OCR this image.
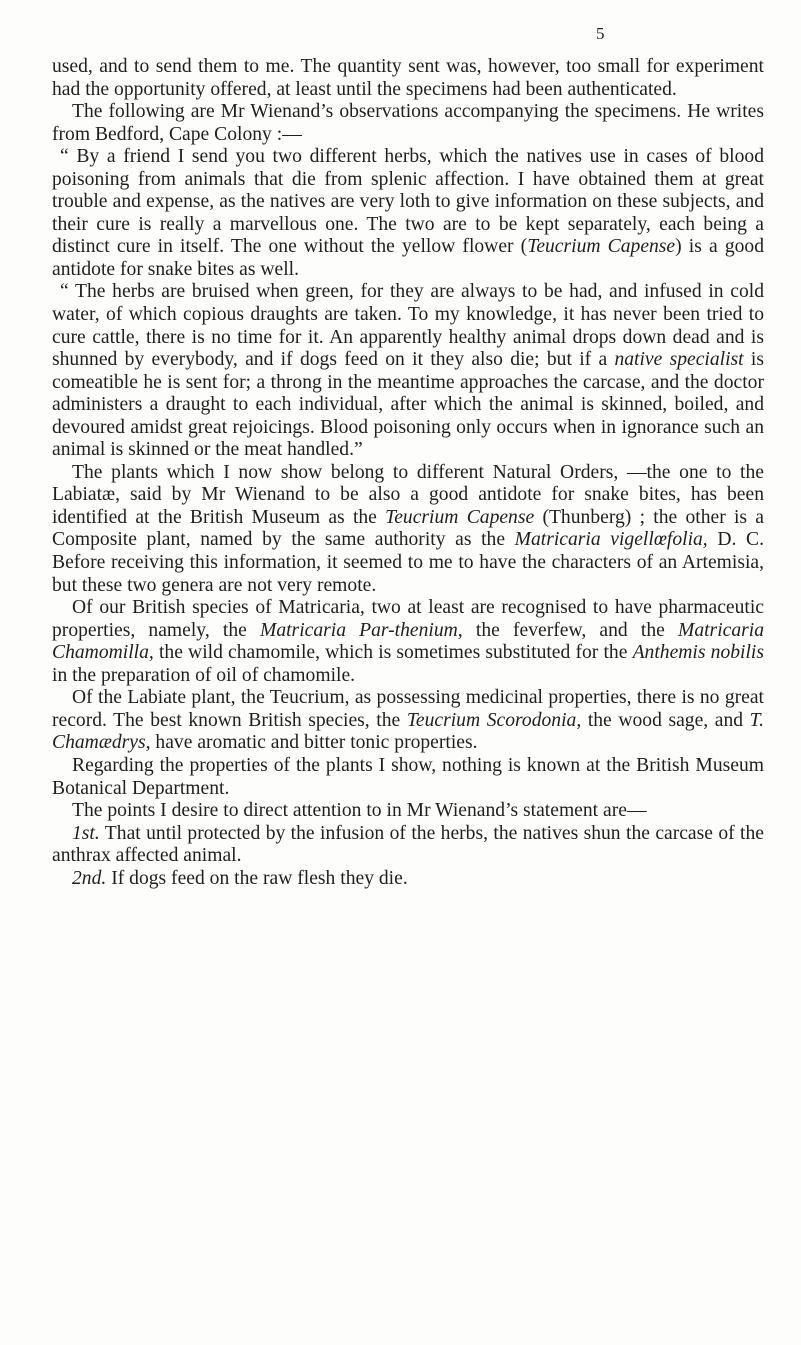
5

used, and to send them to me. The quantity sent was, however, too small for experiment had the opportunity offered, at least until the specimens had been authenticated.

The following are Mr Wienand’s observations accompanying the specimens. He writes from Bedford, Cape Colony :—

“ By a friend I send you two different herbs, which the natives use in cases of blood poisoning from animals that die from splenic affection. I have obtained them at great trouble and expense, as the natives are very loth to give information on these subjects, and their cure is really a marvellous one. The two are to be kept separately, each being a distinct cure in itself. The one without the yellow flower (Teucrium Capense) is a good antidote for snake bites as well.

“ The herbs are bruised when green, for they are always to be had, and infused in cold water, of which copious draughts are taken. To my knowledge, it has never been tried to cure cattle, there is no time for it. An apparently healthy animal drops down dead and is shunned by everybody, and if dogs feed on it they also die; but if a native specialist is comeatible he is sent for; a throng in the meantime approaches the carcase, and the doctor administers a draught to each individual, after which the animal is skinned, boiled, and devoured amidst great rejoicings. Blood poisoning only occurs when in ignorance such an animal is skinned or the meat handled.”

The plants which I now show belong to different Natural Orders, —the one to the Labiatæ, said by Mr Wienand to be also a good antidote for snake bites, has been identified at the British Museum as the Teucrium Capense (Thunberg) ; the other is a Composite plant, named by the same authority as the Matricaria vigellœfolia, D. C. Before receiving this information, it seemed to me to have the characters of an Artemisia, but these two genera are not very remote.

Of our British species of Matricaria, two at least are recognised to have pharmaceutic properties, namely, the Matricaria Par-thenium, the feverfew, and the Matricaria Chamomilla, the wild chamomile, which is sometimes substituted for the Anthemis nobilis in the preparation of oil of chamomile.

Of the Labiate plant, the Teucrium, as possessing medicinal properties, there is no great record. The best known British species, the Teucrium Scorodonia, the wood sage, and T. Chamædrys, have aromatic and bitter tonic properties.

Regarding the properties of the plants I show, nothing is known at the British Museum Botanical Department.

The points I desire to direct attention to in Mr Wienand’s statement are—

1st. That until protected by the infusion of the herbs, the natives shun the carcase of the anthrax affected animal.

2nd. If dogs feed on the raw flesh they die.
